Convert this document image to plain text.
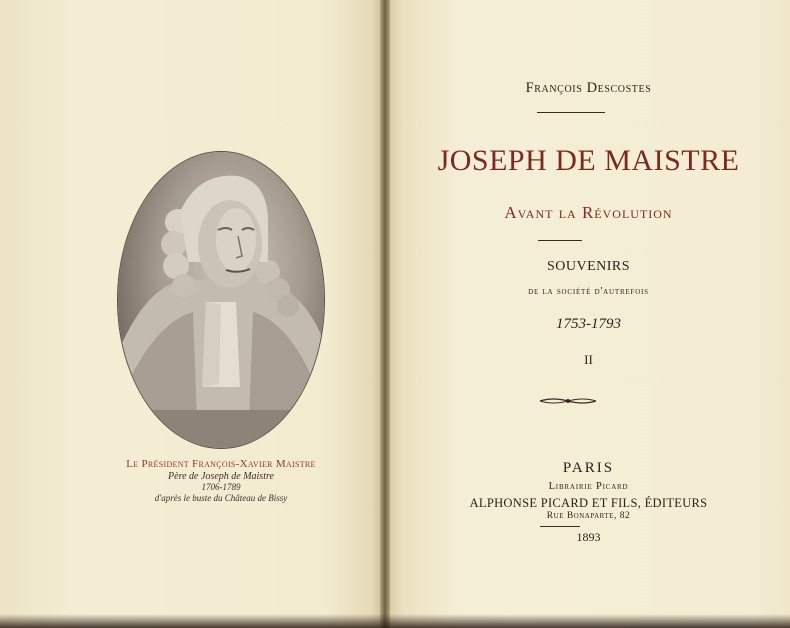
Le Président François-Xavier Maistre
Père de Joseph de Maistre
1706-1789
d'après le buste du Château de Bissy
François Descostes
JOSEPH DE MAISTRE
Avant la Révolution
SOUVENIRS
de la société d'autrefois
1753-1793
II
PARIS
Librairie Picard
ALPHONSE PICARD ET FILS, ÉDITEURS
Rue Bonaparte, 82
1893
